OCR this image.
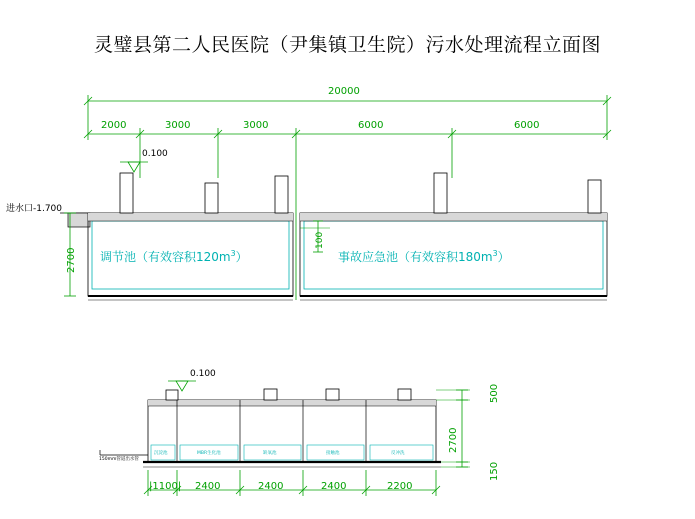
灵璧县第二人民医院（尹集镇卫生院）污水处理流程立面图
20000
2000	3000	3000	6000	6000
0.100
进水口-1.700
2700
100
调节池（有效容积$120m^3$）	事故应急池（有效容积$180m^3$）
0.100
150mm管道出水管
沉淀池	MBR生化池	缺氧池	接触池	反冲洗
500
2700
150
|1100| 2400	2400	2400	2200
